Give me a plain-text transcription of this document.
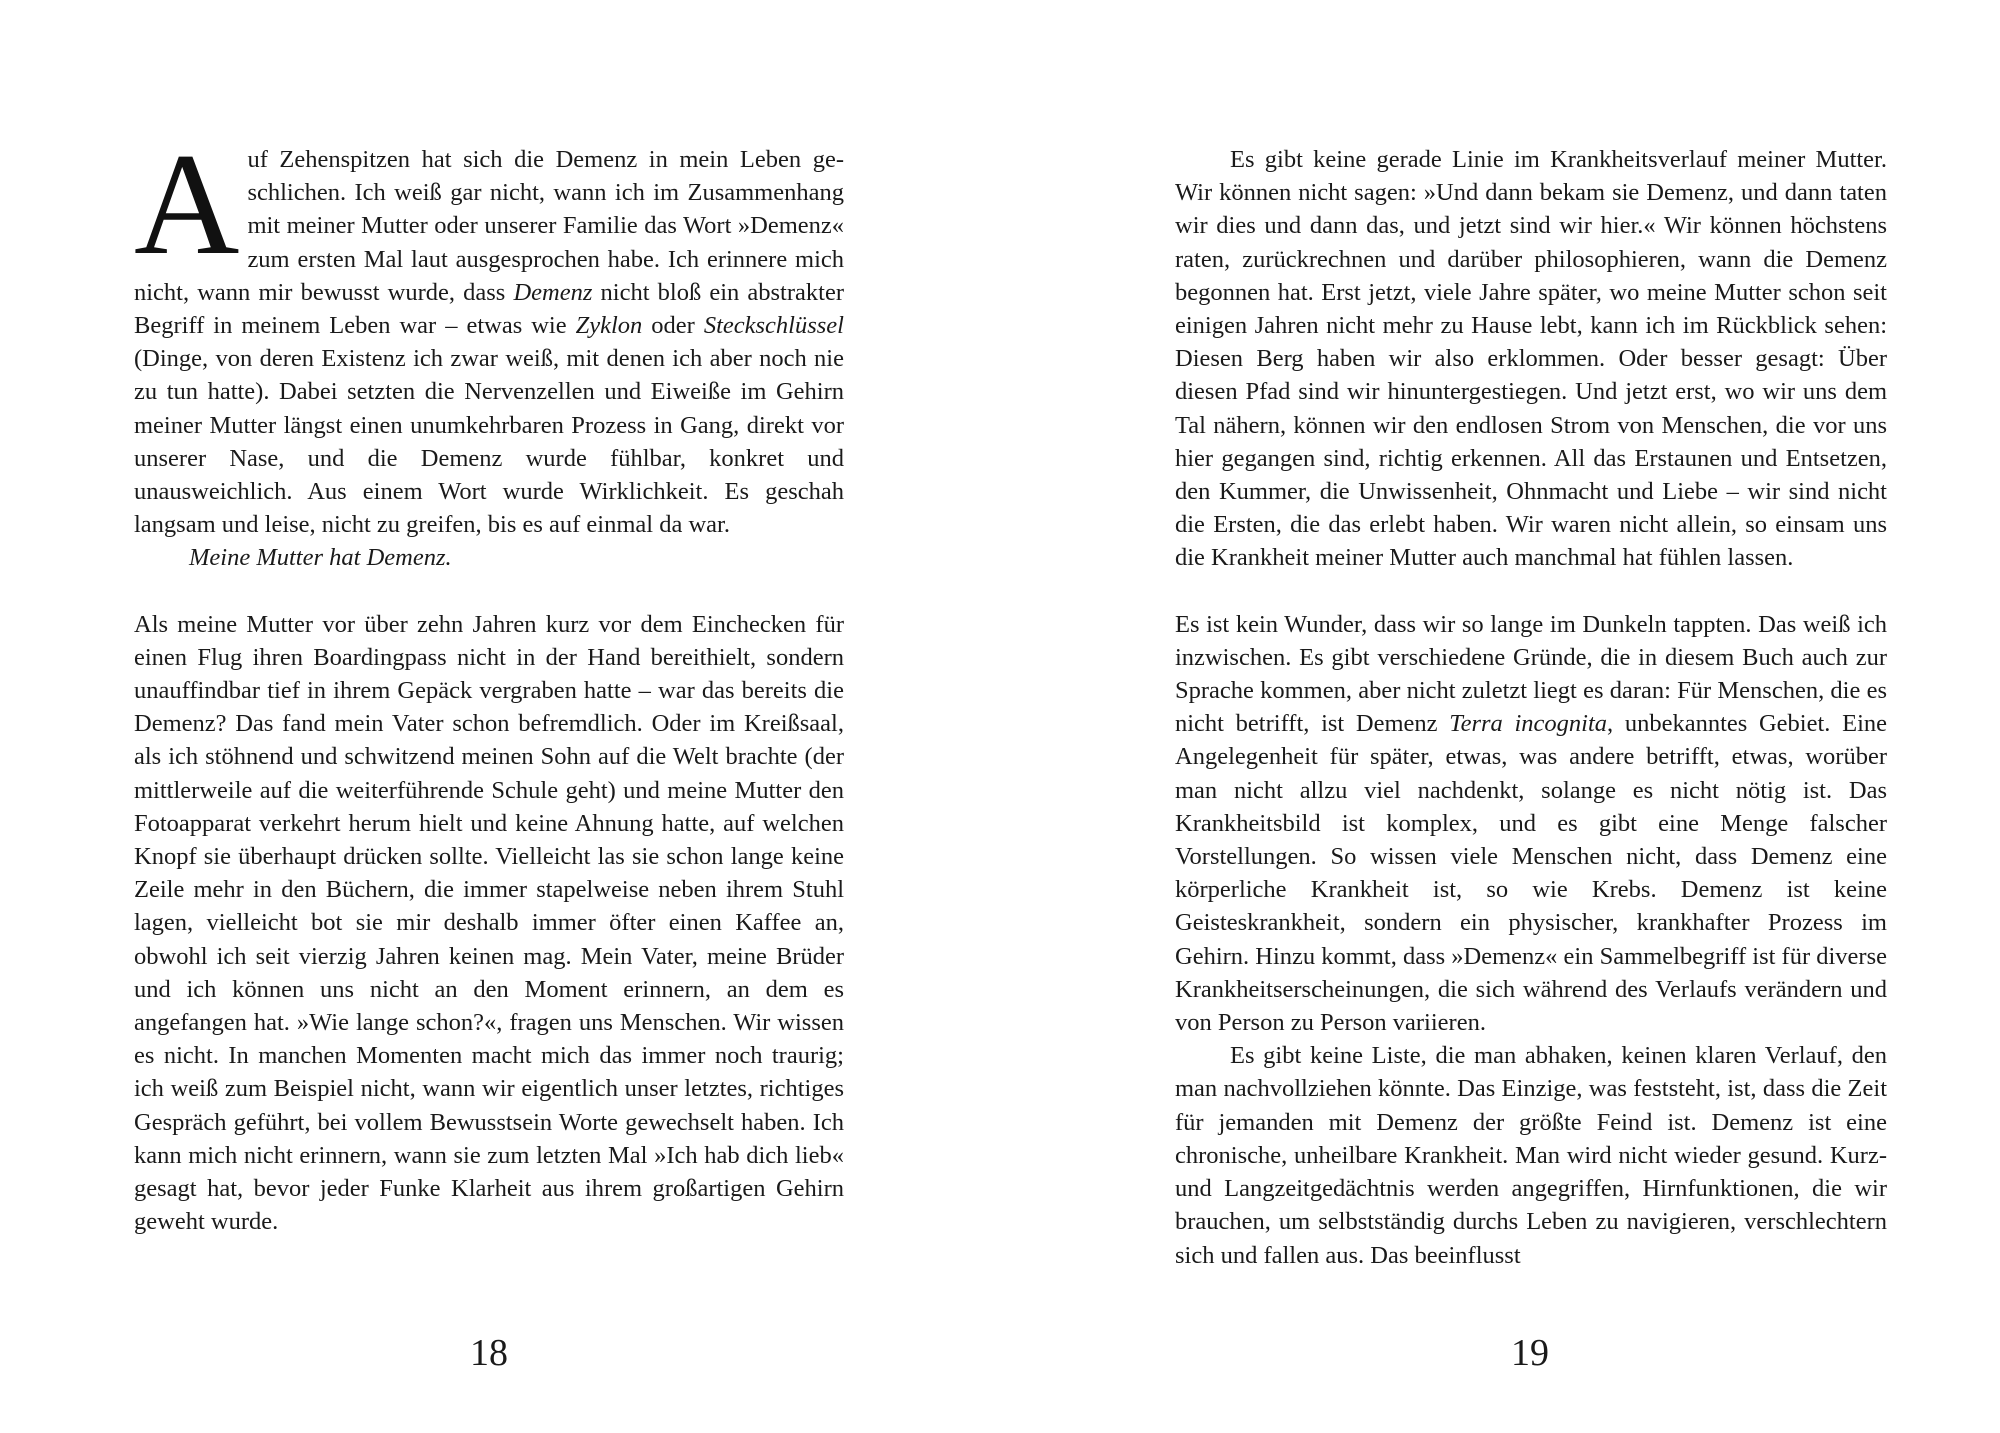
Auf Zehenspitzen hat sich die Demenz in mein Leben geschlichen. Ich weiß gar nicht, wann ich im Zusammenhang mit meiner Mutter oder unserer Familie das Wort »Demenz« zum ersten Mal laut ausgesprochen habe. Ich erinnere mich nicht, wann mir bewusst wurde, dass Demenz nicht bloß ein abstrakter Begriff in meinem Leben war – etwas wie Zyklon oder Steckschlüssel (Dinge, von deren Existenz ich zwar weiß, mit denen ich aber noch nie zu tun hatte). Dabei setzten die Nervenzellen und Eiweiße im Gehirn meiner Mutter längst einen unumkehrbaren Prozess in Gang, direkt vor unserer Nase, und die Demenz wurde fühlbar, konkret und unausweichlich. Aus einem Wort wurde Wirklichkeit. Es geschah langsam und leise, nicht zu greifen, bis es auf einmal da war.

Meine Mutter hat Demenz.

Als meine Mutter vor über zehn Jahren kurz vor dem Einchecken für einen Flug ihren Boardingpass nicht in der Hand bereithielt, sondern unauffindbar tief in ihrem Gepäck vergraben hatte – war das bereits die Demenz? Das fand mein Vater schon befremdlich. Oder im Kreißsaal, als ich stöhnend und schwitzend meinen Sohn auf die Welt brachte (der mittlerweile auf die weiterführende Schule geht) und meine Mutter den Fotoapparat verkehrt herum hielt und keine Ahnung hatte, auf welchen Knopf sie überhaupt drücken sollte. Vielleicht las sie schon lange keine Zeile mehr in den Büchern, die immer stapelweise neben ihrem Stuhl lagen, vielleicht bot sie mir deshalb immer öfter einen Kaffee an, obwohl ich seit vierzig Jahren keinen mag. Mein Vater, meine Brüder und ich können uns nicht an den Moment erinnern, an dem es angefangen hat. »Wie lange schon?«, fragen uns Menschen. Wir wissen es nicht. In manchen Momenten macht mich das immer noch traurig; ich weiß zum Beispiel nicht, wann wir eigentlich unser letztes, richtiges Gespräch geführt, bei vollem Bewusstsein Worte gewechselt haben. Ich kann mich nicht erinnern, wann sie zum letzten Mal »Ich hab dich lieb« gesagt hat, bevor jeder Funke Klarheit aus ihrem großartigen Gehirn geweht wurde.

18

Es gibt keine gerade Linie im Krankheitsverlauf meiner Mutter. Wir können nicht sagen: »Und dann bekam sie Demenz, und dann taten wir dies und dann das, und jetzt sind wir hier.« Wir können höchstens raten, zurückrechnen und darüber philosophieren, wann die Demenz begonnen hat. Erst jetzt, viele Jahre später, wo meine Mutter schon seit einigen Jahren nicht mehr zu Hause lebt, kann ich im Rückblick sehen: Diesen Berg haben wir also erklommen. Oder besser gesagt: Über diesen Pfad sind wir hinuntergestiegen. Und jetzt erst, wo wir uns dem Tal nähern, können wir den endlosen Strom von Menschen, die vor uns hier gegangen sind, richtig erkennen. All das Erstaunen und Entsetzen, den Kummer, die Unwissenheit, Ohnmacht und Liebe – wir sind nicht die Ersten, die das erlebt haben. Wir waren nicht allein, so einsam uns die Krankheit meiner Mutter auch manchmal hat fühlen lassen.

Es ist kein Wunder, dass wir so lange im Dunkeln tappten. Das weiß ich inzwischen. Es gibt verschiedene Gründe, die in diesem Buch auch zur Sprache kommen, aber nicht zuletzt liegt es daran: Für Menschen, die es nicht betrifft, ist Demenz Terra incognita, unbekanntes Gebiet. Eine Angelegenheit für später, etwas, was andere betrifft, etwas, worüber man nicht allzu viel nachdenkt, solange es nicht nötig ist. Das Krankheitsbild ist komplex, und es gibt eine Menge falscher Vorstellungen. So wissen viele Menschen nicht, dass Demenz eine körperliche Krankheit ist, so wie Krebs. Demenz ist keine Geisteskrankheit, sondern ein physischer, krankhafter Prozess im Gehirn. Hinzu kommt, dass »Demenz« ein Sammelbegriff ist für diverse Krankheitserscheinungen, die sich während des Verlaufs verändern und von Person zu Person variieren.

Es gibt keine Liste, die man abhaken, keinen klaren Verlauf, den man nachvollziehen könnte. Das Einzige, was feststeht, ist, dass die Zeit für jemanden mit Demenz der größte Feind ist. Demenz ist eine chronische, unheilbare Krankheit. Man wird nicht wieder gesund. Kurz- und Langzeitgedächtnis werden angegriffen, Hirnfunktionen, die wir brauchen, um selbstständig durchs Leben zu navigieren, verschlechtern sich und fallen aus. Das beeinflusst

19
